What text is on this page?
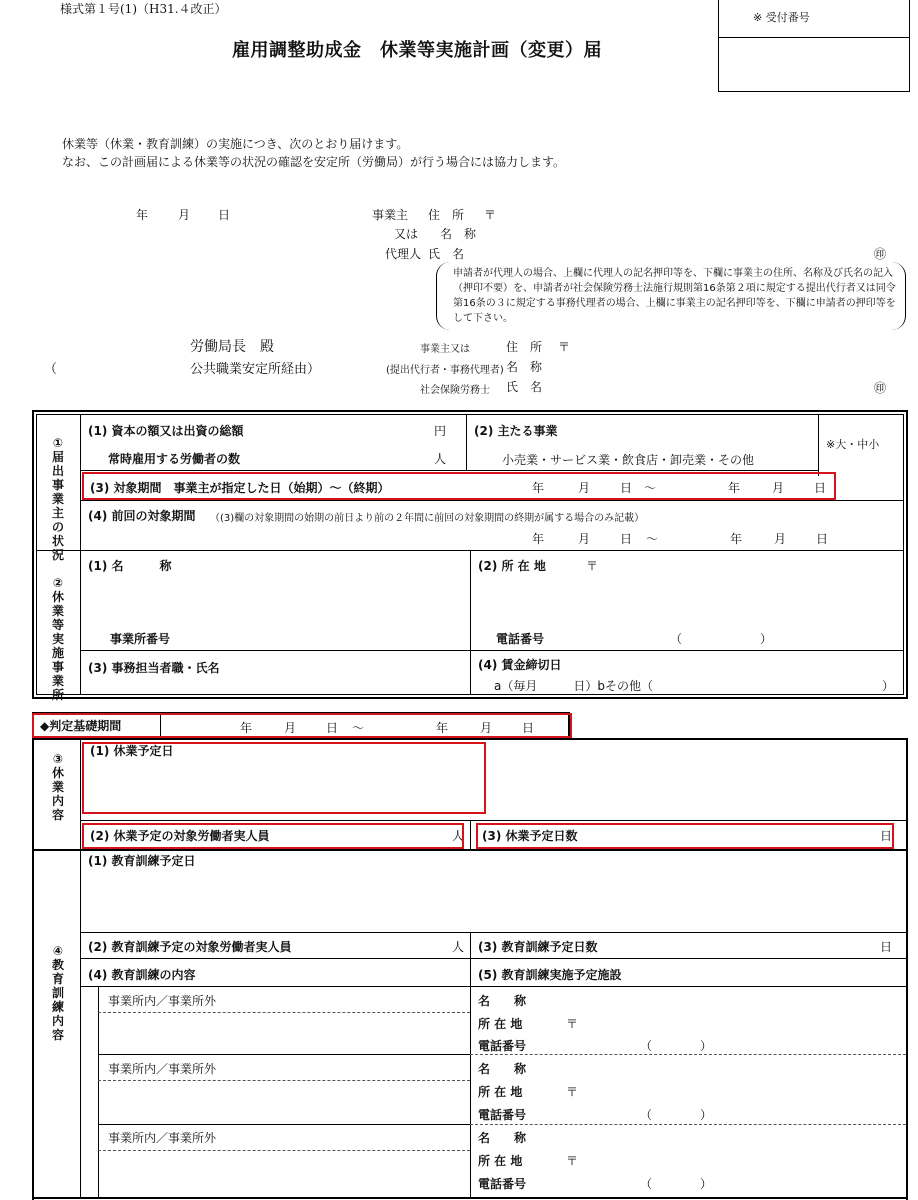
様式第１号(1)（H31.４改正）
※ 受付番号
雇用調整助成金　休業等実施計画（変更）届
休業等（休業・教育訓練）の実施につき、次のとおり届けます。
なお、この計画届による休業等の状況の確認を安定所（労働局）が行う場合には協力します。
年 月 日	事業主 住　所 〒
又は 名　称
代理人 氏　名	㊞
申請者が代理人の場合、上欄に代理人の記名押印等を、下欄に事業主の住所、名称及び氏名の記入（押印不要）を、申請者が社会保険労務士法施行規則第16条第２項に規定する提出代行者又は同令第16条の３に規定する事務代理者の場合、上欄に事業主の記名押印等を、下欄に申請者の押印等をして下さい。
労働局長　殿
（	公共職業安定所経由）
事業主又は
(提出代行者・事務代理者)
社会保険労務士
住　所 〒
名　称
氏　名	㊞
①届出事業主の状況
(1) 資本の額又は出資の総額	円
常時雇用する労働者の数	人
(2) 主たる事業
小売業・サービス業・飲食店・卸売業・その他
※大・中小
(3) 対象期間　事業主が指定した日（始期）～（終期）	年	月 日 ～	年	月 日
(4) 前回の対象期間 （(3)欄の対象期間の始期の前日より前の２年間に前回の対象期間の終期が属する場合のみ記載）
年	月 日 ～	年	月 日
②休業等実施事業所
(1) 名　　　称	(2) 所 在 地	〒
事業所番号	電話番号	（	）
(3) 事務担当者職・氏名	(4) 賃金締切日
a（毎月　　　日）bその他（	）
◆判定基礎期間	年	月 日 ～	年	月 日
③休業内容
(1) 休業予定日
(2) 休業予定の対象労働者実人員	人 (3) 休業予定日数	日
④教育訓練内容
(1) 教育訓練予定日
(2) 教育訓練予定の対象労働者実人員	人 (3) 教育訓練予定日数	日
(4) 教育訓練の内容	(5) 教育訓練実施予定施設
事業所内／事業所外	名　　称
所 在 地	〒
電話番号	（	）
事業所内／事業所外	名　　称
所 在 地	〒
電話番号	（	）
事業所内／事業所外	名　　称
所 在 地	〒
電話番号	（	）
